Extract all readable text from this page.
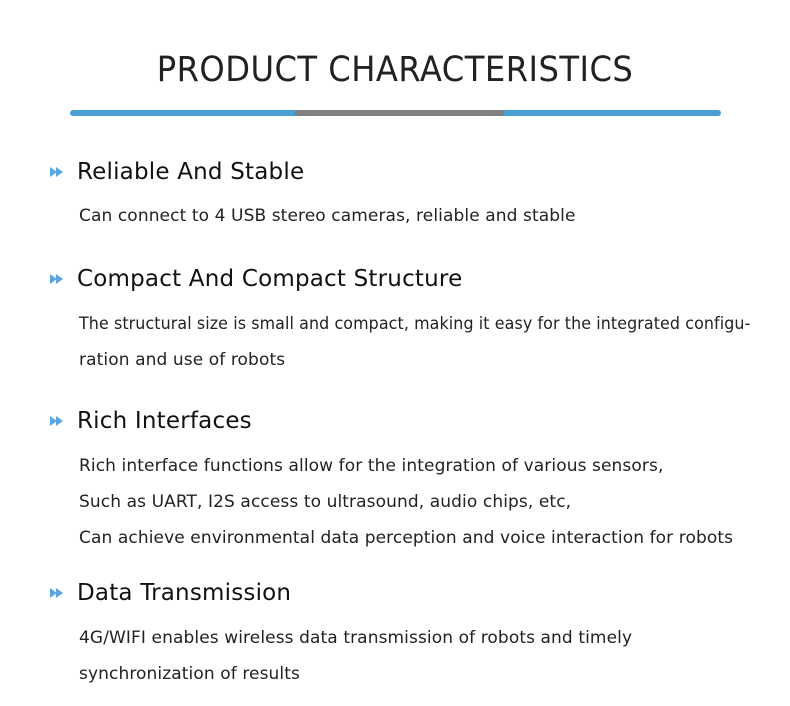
PRODUCT CHARACTERISTICS
Reliable And Stable
Can connect to 4 USB stereo cameras, reliable and stable
Compact And Compact Structure
The structural size is small and compact, making it easy for the integrated configu-
ration and use of robots
Rich Interfaces
Rich interface functions allow for the integration of various sensors,
Such as UART, I2S access to ultrasound, audio chips, etc,
Can achieve environmental data perception and voice interaction for robots
Data Transmission
4G/WIFI enables wireless data transmission of robots and timely
synchronization of results
